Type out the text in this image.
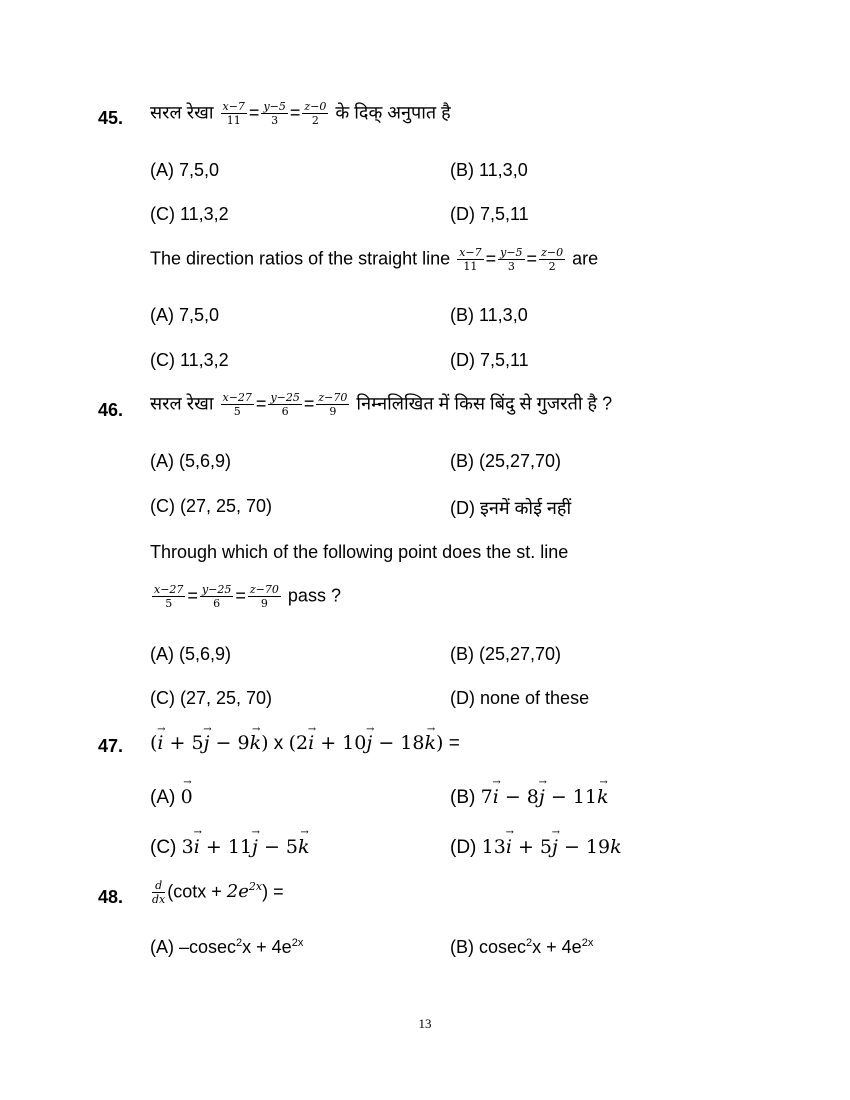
45. सरल रेखा $\frac{x-7}{11} = \frac{y-5}{3} = \frac{z-0}{2}$ के दिक् अनुपात है
(A) 7,5,0	(B) 11,3,0
(C) 11,3,2	(D) 7,5,11
The direction ratios of the straight line $\frac{x-7}{11} = \frac{y-5}{3} = \frac{z-0}{2}$ are
(A) 7,5,0	(B) 11,3,0
(C) 11,3,2	(D) 7,5,11
46. सरल रेखा $\frac{x-27}{5} = \frac{y-25}{6} = \frac{z-70}{9}$ निम्नलिखित में किस बिंदु से गुजरती है ?
(A) (5,6,9)	(B) (25,27,70)
(C) (27, 25, 70)	(D) इनमें कोई नहीं
Through which of the following point does the st. line
$\frac{x-27}{5} = \frac{y-25}{6} = \frac{z-70}{9}$ pass ?
(A) (5,6,9)	(B) (25,27,70)
(C) (27, 25, 70)	(D) none of these
47. (i → + 5j → − 9k →) x (2i → + 10j → − 18k →) =
(A) 0 →	(B) 7i → − 8j → − 11k →
(C) 3i → + 11j → − 5k →	(D) 13i → + 5j → − 19k
48.	$\frac{d}{dx} (\cot x + 2e^{2x})$ =
(A) $-cosec^2x + 4e^{2x}$	(B) $cosec^2x + 4e^{2x}$
13
